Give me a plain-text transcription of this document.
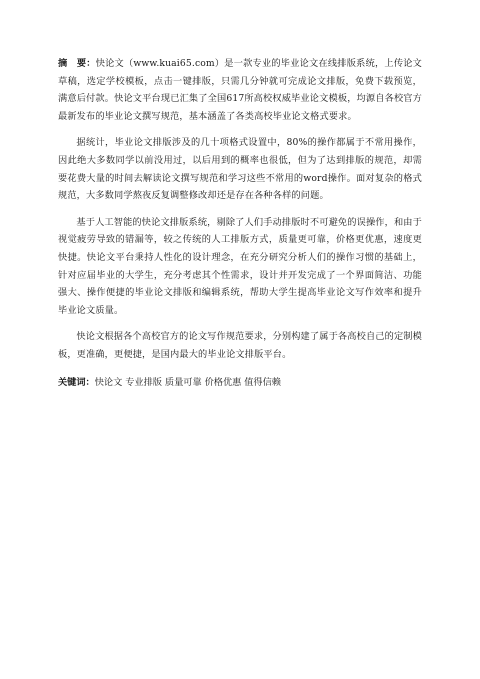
摘　要：快论文（www.kuai65.com）是一款专业的毕业论文在线排版系统，上传论文草稿，选定学校模板，点击一键排版，只需几分钟就可完成论文排版，免费下载预览，满意后付款。快论文平台现已汇集了全国617所高校权威毕业论文模板，均源自各校官方最新发布的毕业论文撰写规范，基本涵盖了各类高校毕业论文格式要求。

据统计，毕业论文排版涉及的几十项格式设置中，80%的操作都属于不常用操作，因此绝大多数同学以前没用过，以后用到的概率也很低，但为了达到排版的规范，却需要花费大量的时间去解读论文撰写规范和学习这些不常用的word操作。面对复杂的格式规范，大多数同学熬夜反复调整修改却还是存在各种各样的问题。

基于人工智能的快论文排版系统，剔除了人们手动排版时不可避免的误操作，和由于视觉疲劳导致的错漏等，较之传统的人工排版方式，质量更可靠，价格更优惠，速度更快捷。快论文平台秉持人性化的设计理念，在充分研究分析人们的操作习惯的基础上，针对应届毕业的大学生，充分考虑其个性需求，设计并开发完成了一个界面简洁、功能强大、操作便捷的毕业论文排版和编辑系统，帮助大学生提高毕业论文写作效率和提升毕业论文质量。

快论文根据各个高校官方的论文写作规范要求，分别构建了属于各高校自己的定制模板，更准确，更便捷，是国内最大的毕业论文排版平台。

关键词：快论文 专业排版 质量可靠 价格优惠 值得信赖
